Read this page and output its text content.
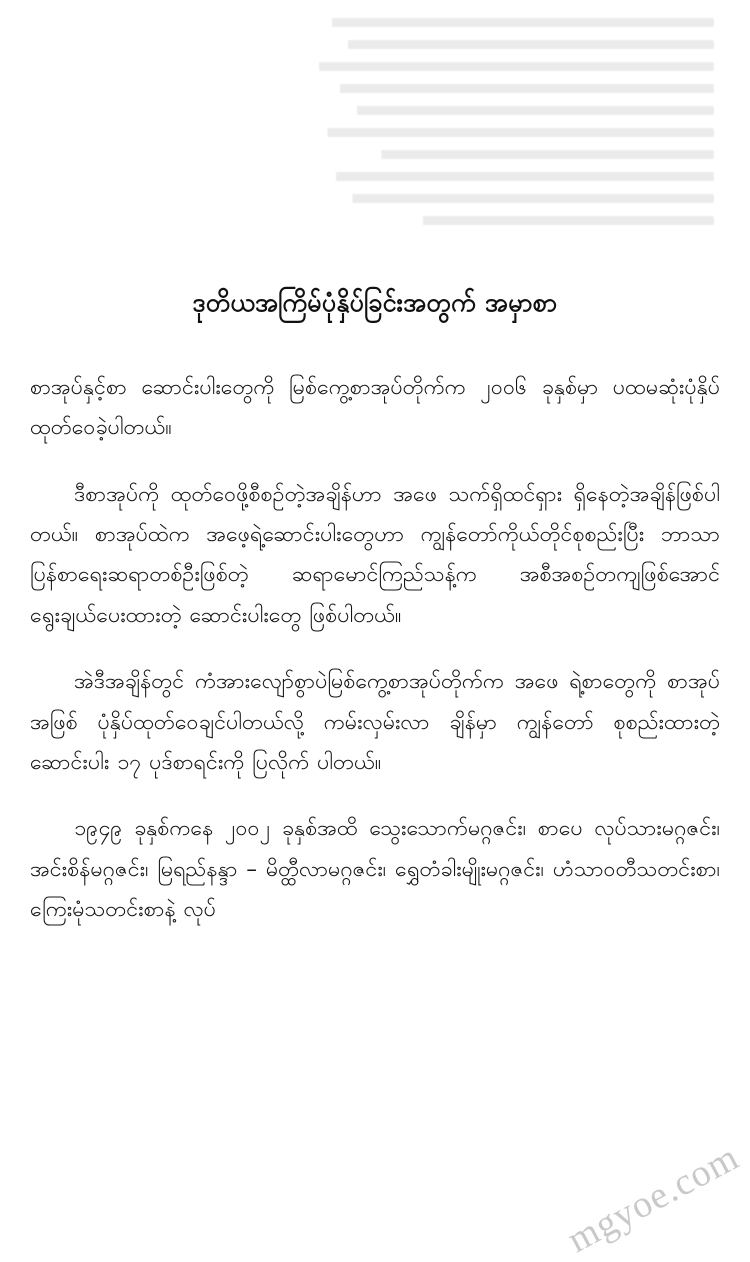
ဒုတိယအကြိမ်ပုံနှိပ်ခြင်းအတွက် အမှာစာ

စာအုပ်နှင့်စာ ဆောင်းပါးတွေကို မြစ်ကွေ့စာအုပ်တိုက်က ၂၀၀၆ ခုနှစ်မှာ ပထမဆုံးပုံနှိပ် ထုတ်ဝေခဲ့ပါတယ်။

ဒီစာအုပ်ကို ထုတ်ဝေဖို့စီစဉ်တဲ့အချိန်ဟာ အဖေ သက်ရှိထင်ရှား ရှိနေတဲ့အချိန်ဖြစ်ပါတယ်။ စာအုပ်ထဲက အဖေ့ရဲ့ဆောင်းပါးတွေဟာ ကျွန်တော်ကိုယ်တိုင်စုစည်းပြီး ဘာသာပြန်စာရေးဆရာတစ်ဦးဖြစ်တဲ့ ဆရာမောင်ကြည်သန့်က အစီအစဉ်တကျဖြစ်အောင် ရွေးချယ်ပေးထားတဲ့ ဆောင်းပါးတွေ ဖြစ်ပါတယ်။

အဲဒီအချိန်တွင် ကံအားလျော်စွာပဲမြစ်ကွေ့စာအုပ်တိုက်က အဖေ ရဲ့စာတွေကို စာအုပ်အဖြစ် ပုံနှိပ်ထုတ်ဝေချင်ပါတယ်လို့ ကမ်းလှမ်းလာ ချိန်မှာ ကျွန်တော် စုစည်းထားတဲ့ဆောင်းပါး ၁၇ ပုဒ်စာရင်းကို ပြလိုက် ပါတယ်။

၁၉၄၉ ခုနှစ်ကနေ ၂၀၀၂ ခုနှစ်အထိ သွေးသောက်မဂ္ဂဇင်း၊ စာပေ လုပ်သားမဂ္ဂဇင်း၊ အင်းစိန်မဂ္ဂဇင်း၊ မြရည်နန္ဒာ – မိတ္ထီလာမဂ္ဂဇင်း၊ ရွှေတံခါးမျိုးမဂ္ဂဇင်း၊ ဟံသာဝတီသတင်းစာ၊ ကြေးမုံသတင်းစာနဲ့ လုပ်

mgyoe.com
